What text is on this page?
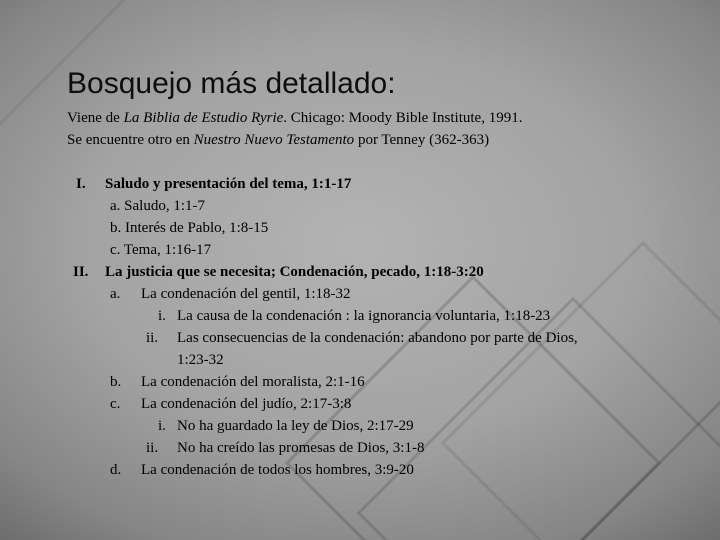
Bosquejo más detallado:
Viene de La Biblia de Estudio Ryrie. Chicago: Moody Bible Institute, 1991.
Se encuentre otro en Nuestro Nuevo Testamento por Tenney (362-363)
I. Saludo y presentación del tema, 1:1-17
a. Saludo, 1:1-7
b. Interés de Pablo, 1:8-15
c. Tema, 1:16-17
II. La justicia que se necesita; Condenación, pecado, 1:18-3:20
a. La condenación del gentil, 1:18-32
i. La causa de la condenación : la ignorancia voluntaria, 1:18-23
ii. Las consecuencias de la condenación: abandono por parte de Dios,
1:23-32
b. La condenación del moralista, 2:1-16
c. La condenación del judío, 2:17-3:8
i. No ha guardado la ley de Dios, 2:17-29
ii. No ha creído las promesas de Dios, 3:1-8
d. La condenación de todos los hombres, 3:9-20
